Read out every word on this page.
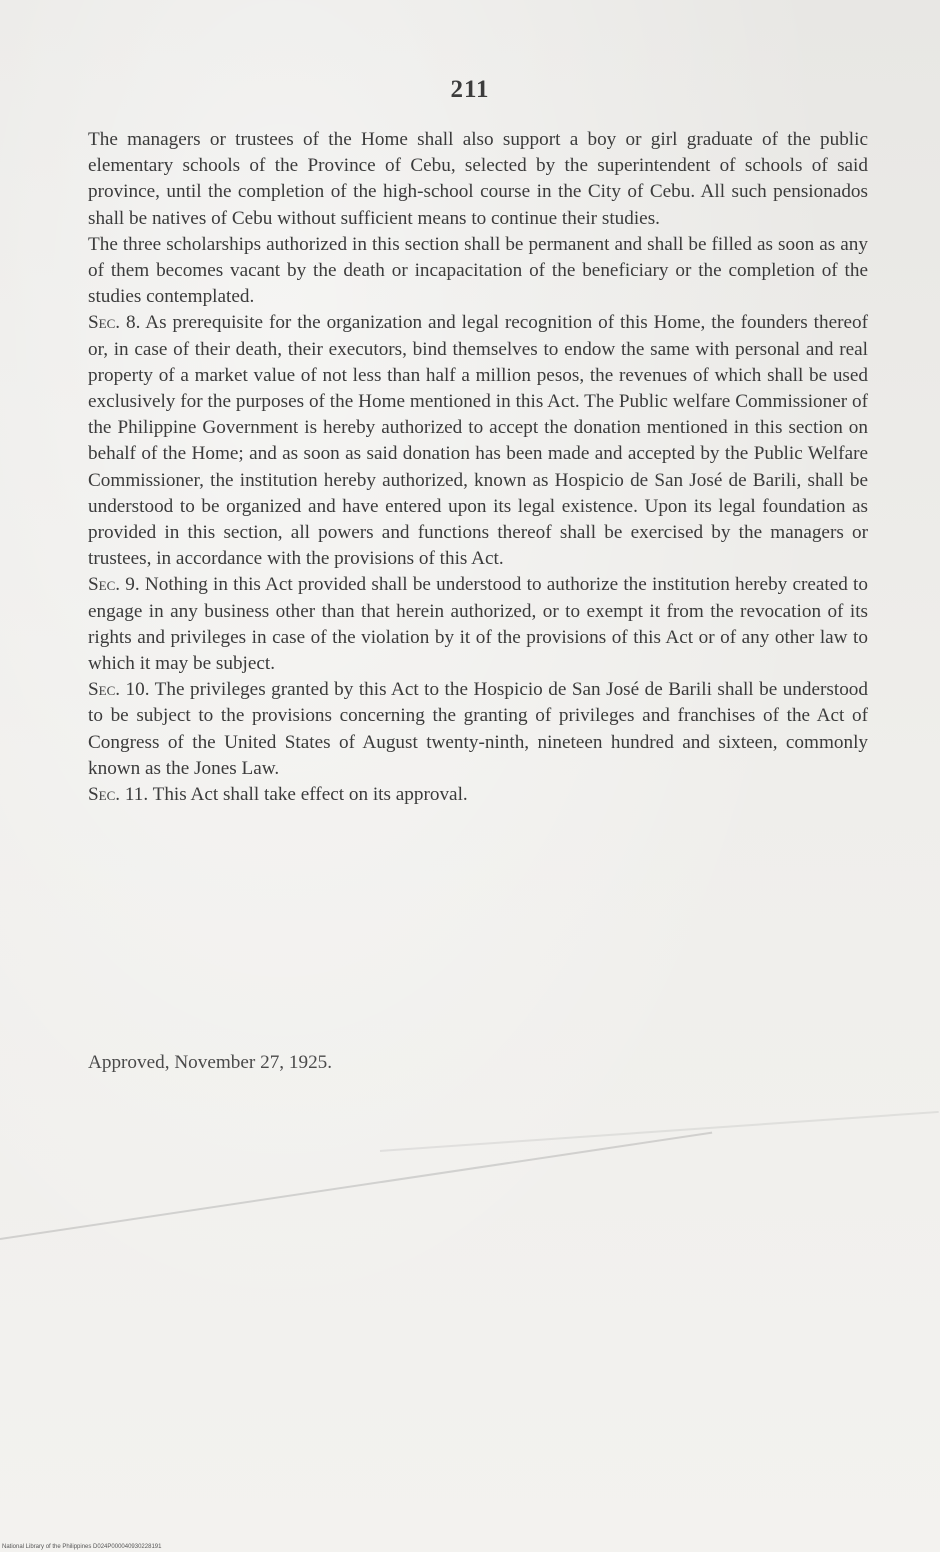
211

The managers or trustees of the Home shall also support a boy or girl graduate of the public elementary schools of the Province of Cebu, selected by the superintendent of schools of said province, until the completion of the high-school course in the City of Cebu. All such pensionados shall be natives of Cebu without sufficient means to continue their studies.

The three scholarships authorized in this section shall be permanent and shall be filled as soon as any of them becomes vacant by the death or incapacitation of the beneficiary or the completion of the studies contemplated.

Sec. 8. As prerequisite for the organization and legal recognition of this Home, the founders thereof or, in case of their death, their executors, bind themselves to endow the same with personal and real property of a market value of not less than half a million pesos, the revenues of which shall be used exclusively for the purposes of the Home mentioned in this Act. The Public welfare Commissioner of the Philippine Government is hereby authorized to accept the donation mentioned in this section on behalf of the Home; and as soon as said donation has been made and accepted by the Public Welfare Commissioner, the institution hereby authorized, known as Hospicio de San José de Barili, shall be understood to be organized and have entered upon its legal existence. Upon its legal foundation as provided in this section, all powers and functions thereof shall be exercised by the managers or trustees, in accordance with the provisions of this Act.

Sec. 9. Nothing in this Act provided shall be understood to authorize the institution hereby created to engage in any business other than that herein authorized, or to exempt it from the revocation of its rights and privileges in case of the violation by it of the provisions of this Act or of any other law to which it may be subject.

Sec. 10. The privileges granted by this Act to the Hospicio de San José de Barili shall be understood to be subject to the provisions concerning the granting of privileges and franchises of the Act of Congress of the United States of August twenty-ninth, nineteen hundred and sixteen, commonly known as the Jones Law.

Sec. 11. This Act shall take effect on its approval.

Approved, November 27, 1925.
National Library of the Philippines D024P000040930228191
